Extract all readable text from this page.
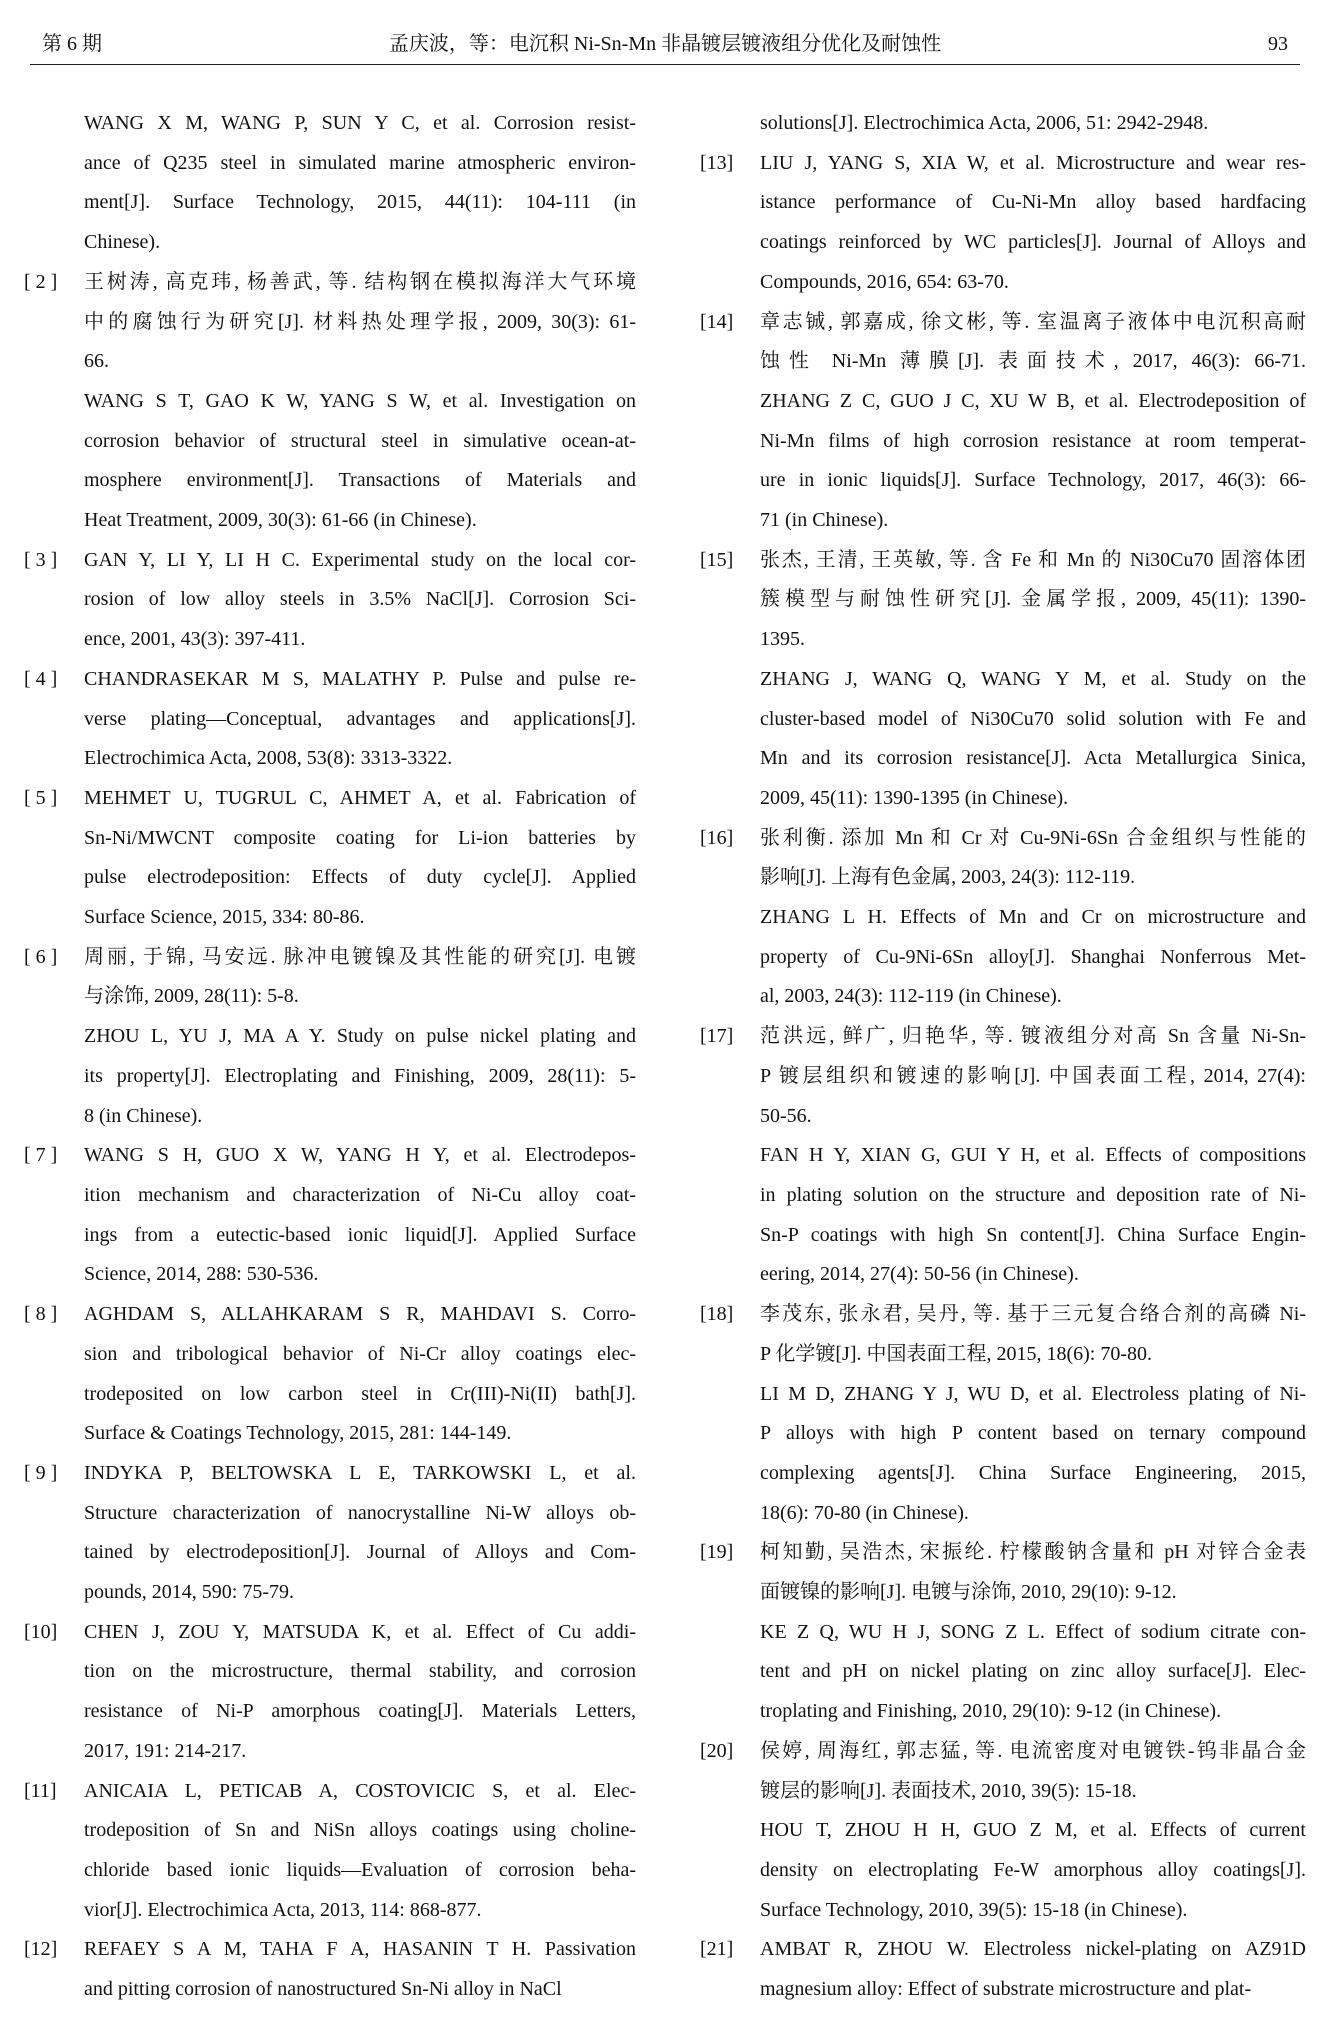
第 6 期	孟庆波，等：电沉积 Ni-Sn-Mn 非晶镀层镀液组分优化及耐蚀性	93
WANG X M, WANG P, SUN Y C, et al. Corrosion resist-
ance of Q235 steel in simulated marine atmospheric environ-
ment[J]. Surface Technology, 2015, 44(11): 104-111 (in
Chinese).
[ 2 ]	王树涛, 高克玮, 杨善武, 等. 结构钢在模拟海洋大气环境
中的腐蚀行为研究[J]. 材料热处理学报, 2009, 30(3): 61-
66.
WANG S T, GAO K W, YANG S W, et al. Investigation on
corrosion behavior of structural steel in simulative ocean-at-
mosphere environment[J]. Transactions of Materials and
Heat Treatment, 2009, 30(3): 61-66 (in Chinese).
[ 3 ]	GAN Y, LI Y, LI H C. Experimental study on the local cor-
rosion of low alloy steels in 3.5% NaCl[J]. Corrosion Sci-
ence, 2001, 43(3): 397-411.
[ 4 ]	CHANDRASEKAR M S, MALATHY P. Pulse and pulse re-
verse plating—Conceptual, advantages and applications[J].
Electrochimica Acta, 2008, 53(8): 3313-3322.
[ 5 ]	MEHMET U, TUGRUL C, AHMET A, et al. Fabrication of
Sn-Ni/MWCNT composite coating for Li-ion batteries by
pulse electrodeposition: Effects of duty cycle[J]. Applied
Surface Science, 2015, 334: 80-86.
[ 6 ]	周丽, 于锦, 马安远. 脉冲电镀镍及其性能的研究[J]. 电镀
与涂饰, 2009, 28(11): 5-8.
ZHOU L, YU J, MA A Y. Study on pulse nickel plating and
its property[J]. Electroplating and Finishing, 2009, 28(11): 5-
8 (in Chinese).
[ 7 ]	WANG S H, GUO X W, YANG H Y, et al. Electrodepos-
ition mechanism and characterization of Ni-Cu alloy coat-
ings from a eutectic-based ionic liquid[J]. Applied Surface
Science, 2014, 288: 530-536.
[ 8 ]	AGHDAM S, ALLAHKARAM S R, MAHDAVI S. Corro-
sion and tribological behavior of Ni-Cr alloy coatings elec-
trodeposited on low carbon steel in Cr(III)-Ni(II) bath[J].
Surface & Coatings Technology, 2015, 281: 144-149.
[ 9 ]	INDYKA P, BELTOWSKA L E, TARKOWSKI L, et al.
Structure characterization of nanocrystalline Ni-W alloys ob-
tained by electrodeposition[J]. Journal of Alloys and Com-
pounds, 2014, 590: 75-79.
[10]	CHEN J, ZOU Y, MATSUDA K, et al. Effect of Cu addi-
tion on the microstructure, thermal stability, and corrosion
resistance of Ni-P amorphous coating[J]. Materials Letters,
2017, 191: 214-217.
[11]	ANICAIA L, PETICAB A, COSTOVICIC S, et al. Elec-
trodeposition of Sn and NiSn alloys coatings using choline-
chloride based ionic liquids—Evaluation of corrosion beha-
vior[J]. Electrochimica Acta, 2013, 114: 868-877.
[12]	REFAEY S A M, TAHA F A, HASANIN T H. Passivation
and pitting corrosion of nanostructured Sn-Ni alloy in NaCl
solutions[J]. Electrochimica Acta, 2006, 51: 2942-2948.
[13]	LIU J, YANG S, XIA W, et al. Microstructure and wear res-
istance performance of Cu-Ni-Mn alloy based hardfacing
coatings reinforced by WC particles[J]. Journal of Alloys and
Compounds, 2016, 654: 63-70.
[14]	章志铖, 郭嘉成, 徐文彬, 等. 室温离子液体中电沉积高耐
蚀性 Ni-Mn 薄膜[J]. 表面技术, 2017, 46(3): 66-71.
ZHANG Z C, GUO J C, XU W B, et al. Electrodeposition of
Ni-Mn films of high corrosion resistance at room temperat-
ure in ionic liquids[J]. Surface Technology, 2017, 46(3): 66-
71 (in Chinese).
[15]	张杰, 王清, 王英敏, 等. 含 Fe 和 Mn 的 Ni30Cu70 固溶体团
簇模型与耐蚀性研究[J]. 金属学报, 2009, 45(11): 1390-
1395.
ZHANG J, WANG Q, WANG Y M, et al. Study on the
cluster-based model of Ni30Cu70 solid solution with Fe and
Mn and its corrosion resistance[J]. Acta Metallurgica Sinica,
2009, 45(11): 1390-1395 (in Chinese).
[16]	张利衡. 添加 Mn 和 Cr 对 Cu-9Ni-6Sn 合金组织与性能的
影响[J]. 上海有色金属, 2003, 24(3): 112-119.
ZHANG L H. Effects of Mn and Cr on microstructure and
property of Cu-9Ni-6Sn alloy[J]. Shanghai Nonferrous Met-
al, 2003, 24(3): 112-119 (in Chinese).
[17]	范洪远, 鲜广, 归艳华, 等. 镀液组分对高 Sn 含量 Ni-Sn-
P 镀层组织和镀速的影响[J]. 中国表面工程, 2014, 27(4):
50-56.
FAN H Y, XIAN G, GUI Y H, et al. Effects of compositions
in plating solution on the structure and deposition rate of Ni-
Sn-P coatings with high Sn content[J]. China Surface Engin-
eering, 2014, 27(4): 50-56 (in Chinese).
[18]	李茂东, 张永君, 吴丹, 等. 基于三元复合络合剂的高磷 Ni-
P 化学镀[J]. 中国表面工程, 2015, 18(6): 70-80.
LI M D, ZHANG Y J, WU D, et al. Electroless plating of Ni-
P alloys with high P content based on ternary compound
complexing agents[J]. China Surface Engineering, 2015,
18(6): 70-80 (in Chinese).
[19]	柯知勤, 吴浩杰, 宋振纶. 柠檬酸钠含量和 pH 对锌合金表
面镀镍的影响[J]. 电镀与涂饰, 2010, 29(10): 9-12.
KE Z Q, WU H J, SONG Z L. Effect of sodium citrate con-
tent and pH on nickel plating on zinc alloy surface[J]. Elec-
troplating and Finishing, 2010, 29(10): 9-12 (in Chinese).
[20]	侯婷, 周海红, 郭志猛, 等. 电流密度对电镀铁-钨非晶合金
镀层的影响[J]. 表面技术, 2010, 39(5): 15-18.
HOU T, ZHOU H H, GUO Z M, et al. Effects of current
density on electroplating Fe-W amorphous alloy coatings[J].
Surface Technology, 2010, 39(5): 15-18 (in Chinese).
[21]	AMBAT R, ZHOU W. Electroless nickel-plating on AZ91D
magnesium alloy: Effect of substrate microstructure and plat-
